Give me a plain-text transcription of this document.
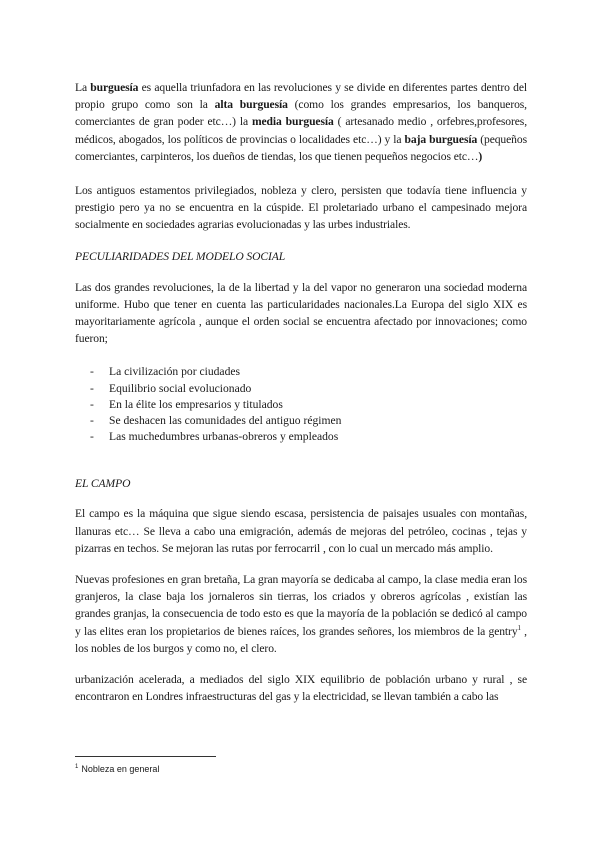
La burguesía es aquella triunfadora en las revoluciones y se divide en diferentes partes dentro del propio grupo como son la alta burguesía (como los grandes empresarios, los banqueros, comerciantes de gran poder etc…) la media burguesía ( artesanado medio , orfebres,profesores, médicos, abogados, los políticos de provincias o localidades etc…) y la baja burguesía (pequeños comerciantes, carpinteros, los dueños de tiendas, los que tienen pequeños negocios etc…)

Los antiguos estamentos privilegiados, nobleza y clero, persisten que todavía tiene influencia y prestigio pero ya no se encuentra en la cúspide. El proletariado urbano el campesinado mejora socialmente en sociedades agrarias evolucionadas y las urbes industriales.

PECULIARIDADES DEL MODELO SOCIAL

Las dos grandes revoluciones, la de la libertad y la del vapor no generaron una sociedad moderna uniforme. Hubo que tener en cuenta las particularidades nacionales.La Europa del siglo XIX es mayoritariamente agrícola , aunque el orden social se encuentra afectado por innovaciones; como fueron;

- La civilización por ciudades
- Equilibrio social evolucionado
- En la élite los empresarios y titulados
- Se deshacen las comunidades del antiguo régimen
- Las muchedumbres urbanas-obreros y empleados

EL CAMPO

El campo es la máquina que sigue siendo escasa, persistencia de paisajes usuales con montañas, llanuras etc… Se lleva a cabo una emigración, además de mejoras del petróleo, cocinas , tejas y pizarras en techos. Se mejoran las rutas por ferrocarril , con lo cual un mercado más amplio.

Nuevas profesiones en gran bretaña, La gran mayoría se dedicaba al campo, la clase media eran los granjeros, la clase baja los jornaleros sin tierras, los criados y obreros agrícolas , existían las grandes granjas, la consecuencia de todo esto es que la mayoría de la población se dedicó al campo y las elites eran los propietarios de bienes raíces, los grandes señores, los miembros de la gentry$^1$ , los nobles de los burgos y como no, el clero.

urbanización acelerada, a mediados del siglo XIX equilibrio de población urbano y rural , se encontraron en Londres infraestructuras del gas y la electricidad, se llevan también a cabo las

$^1$ Nobleza en general
